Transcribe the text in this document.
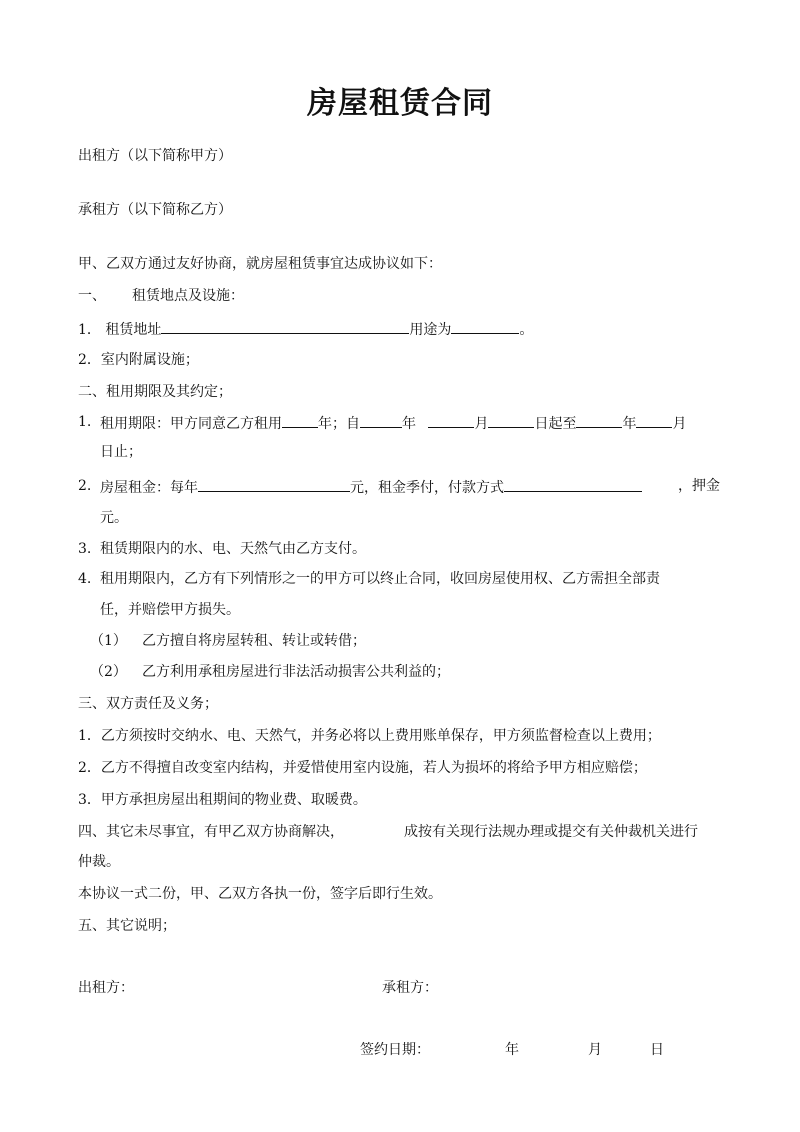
房屋租赁合同
出租方（以下简称甲方）
承租方（以下简称乙方）
甲、乙双方通过友好协商，就房屋租赁事宜达成协议如下：
一、 租赁地点及设施：
1． 租赁地址	用途为	。
2．室内附属设施；
二、租用期限及其约定；
1. 租用期限：甲方同意乙方租用	年；自	年	月	日起至	年	月
日止；
2. 房屋租金：每年	元，租金季付，付款方式	，押金
元。
3. 租赁期限内的水、电、天然气由乙方支付。
4. 租用期限内，乙方有下列情形之一的甲方可以终止合同，收回房屋使用权、乙方需担全部责
任，并赔偿甲方损失。
（1） 乙方擅自将房屋转租、转让或转借；
（2） 乙方利用承租房屋进行非法活动损害公共利益的；
三、双方责任及义务；
1．乙方须按时交纳水、电、天然气，并务必将以上费用账单保存，甲方须监督检查以上费用；
2．乙方不得擅自改变室内结构，并爱惜使用室内设施，若人为损坏的将给予甲方相应赔偿；
3．甲方承担房屋出租期间的物业费、取暖费。
四、其它未尽事宜，有甲乙双方协商解决，	成按有关现行法规办理或提交有关仲裁机关进行
仲裁。
本协议一式二份，甲、乙双方各执一份，签字后即行生效。
五、其它说明；
出租方：	承租方：
签约日期：	年	月	日
